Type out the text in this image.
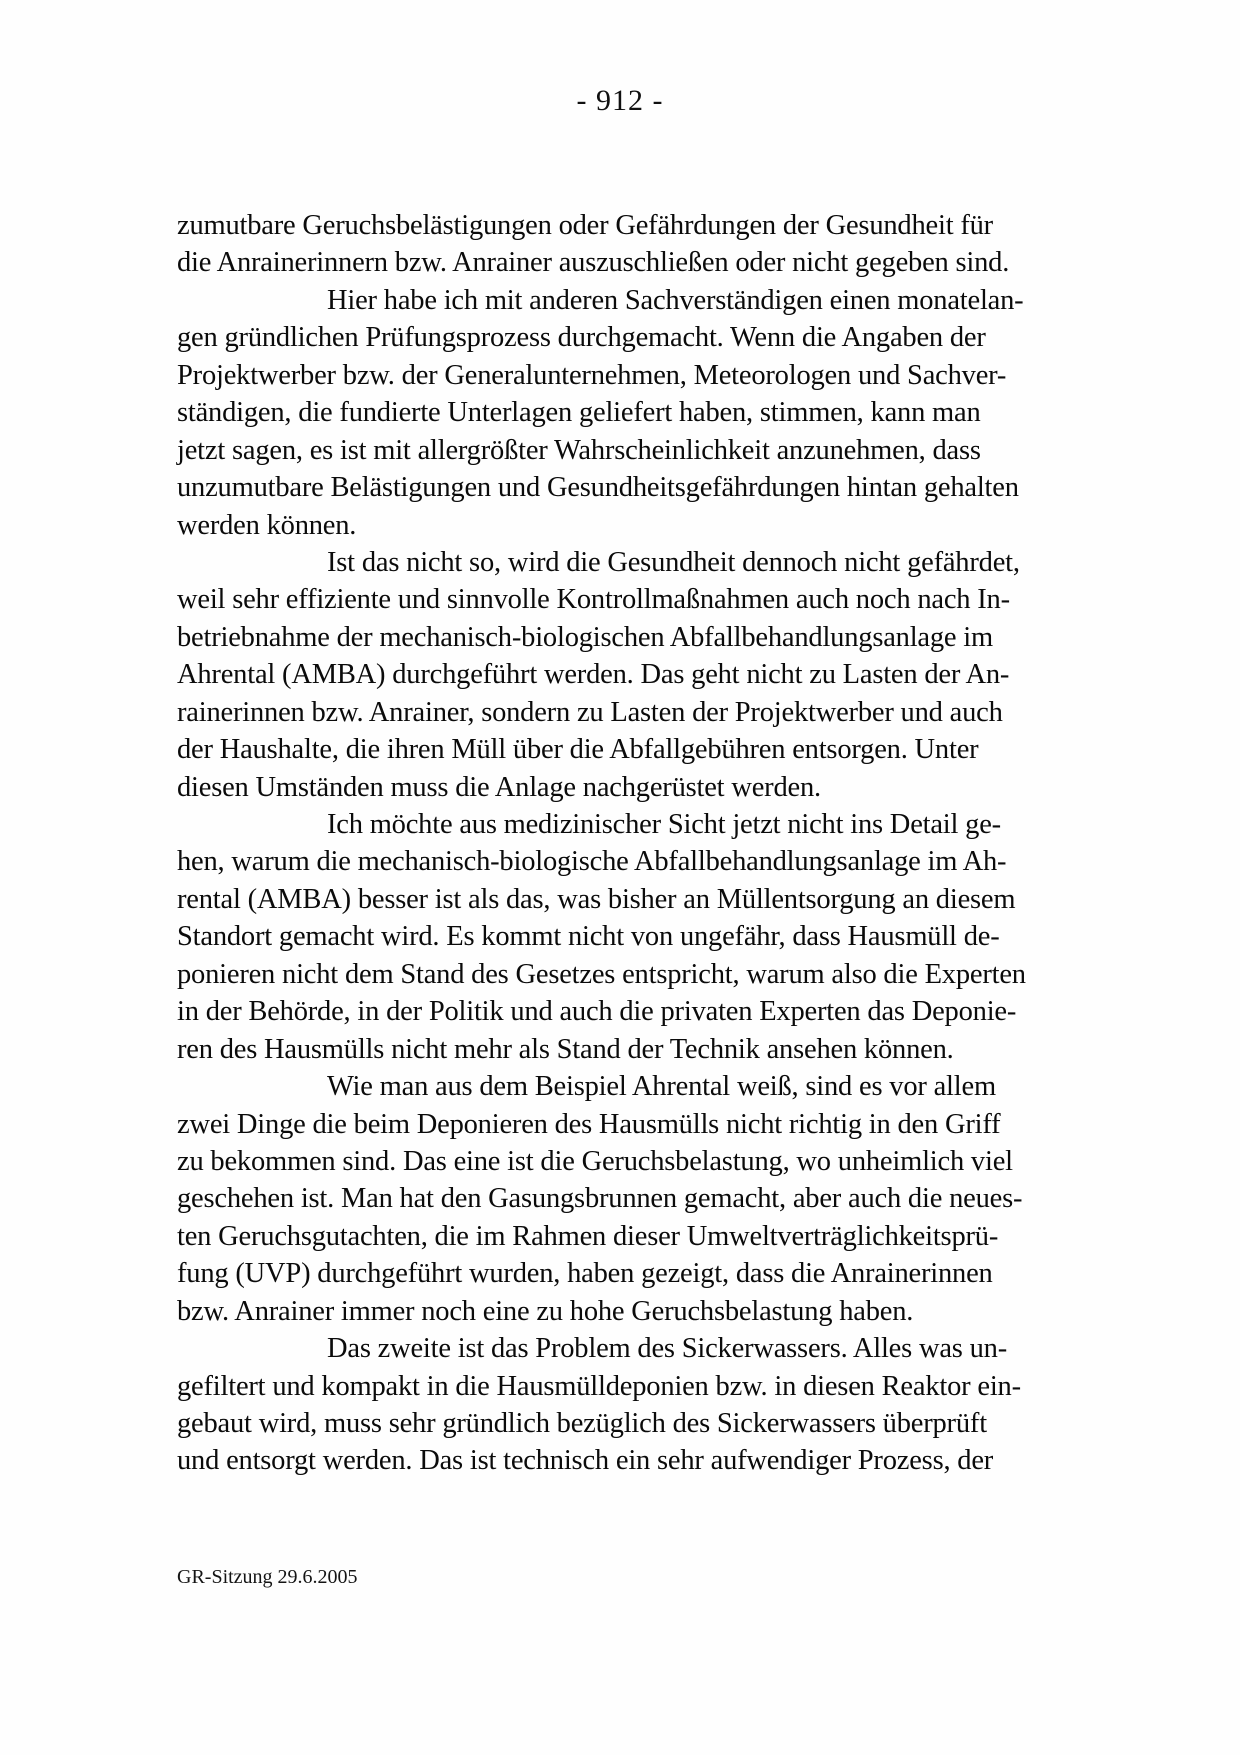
- 912 -
zumutbare Geruchsbelästigungen oder Gefährdungen der Gesundheit für
die Anrainerinnern bzw. Anrainer auszuschließen oder nicht gegeben sind.
Hier habe ich mit anderen Sachverständigen einen monatelan-
gen gründlichen Prüfungsprozess durchgemacht. Wenn die Angaben der
Projektwerber bzw. der Generalunternehmen, Meteorologen und Sachver-
ständigen, die fundierte Unterlagen geliefert haben, stimmen, kann man
jetzt sagen, es ist mit allergrößter Wahrscheinlichkeit anzunehmen, dass
unzumutbare Belästigungen und Gesundheitsgefährdungen hintan gehalten
werden können.
Ist das nicht so, wird die Gesundheit dennoch nicht gefährdet,
weil sehr effiziente und sinnvolle Kontrollmaßnahmen auch noch nach In-
betriebnahme der mechanisch-biologischen Abfallbehandlungsanlage im
Ahrental (AMBA) durchgeführt werden. Das geht nicht zu Lasten der An-
rainerinnen bzw. Anrainer, sondern zu Lasten der Projektwerber und auch
der Haushalte, die ihren Müll über die Abfallgebühren entsorgen. Unter
diesen Umständen muss die Anlage nachgerüstet werden.
Ich möchte aus medizinischer Sicht jetzt nicht ins Detail ge-
hen, warum die mechanisch-biologische Abfallbehandlungsanlage im Ah-
rental (AMBA) besser ist als das, was bisher an Müllentsorgung an diesem
Standort gemacht wird. Es kommt nicht von ungefähr, dass Hausmüll de-
ponieren nicht dem Stand des Gesetzes entspricht, warum also die Experten
in der Behörde, in der Politik und auch die privaten Experten das Deponie-
ren des Hausmülls nicht mehr als Stand der Technik ansehen können.
Wie man aus dem Beispiel Ahrental weiß, sind es vor allem
zwei Dinge die beim Deponieren des Hausmülls nicht richtig in den Griff
zu bekommen sind. Das eine ist die Geruchsbelastung, wo unheimlich viel
geschehen ist. Man hat den Gasungsbrunnen gemacht, aber auch die neues-
ten Geruchsgutachten, die im Rahmen dieser Umweltverträglichkeitsprü-
fung (UVP) durchgeführt wurden, haben gezeigt, dass die Anrainerinnen
bzw. Anrainer immer noch eine zu hohe Geruchsbelastung haben.
Das zweite ist das Problem des Sickerwassers. Alles was un-
gefiltert und kompakt in die Hausmülldeponien bzw. in diesen Reaktor ein-
gebaut wird, muss sehr gründlich bezüglich des Sickerwassers überprüft
und entsorgt werden. Das ist technisch ein sehr aufwendiger Prozess, der
GR-Sitzung 29.6.2005
